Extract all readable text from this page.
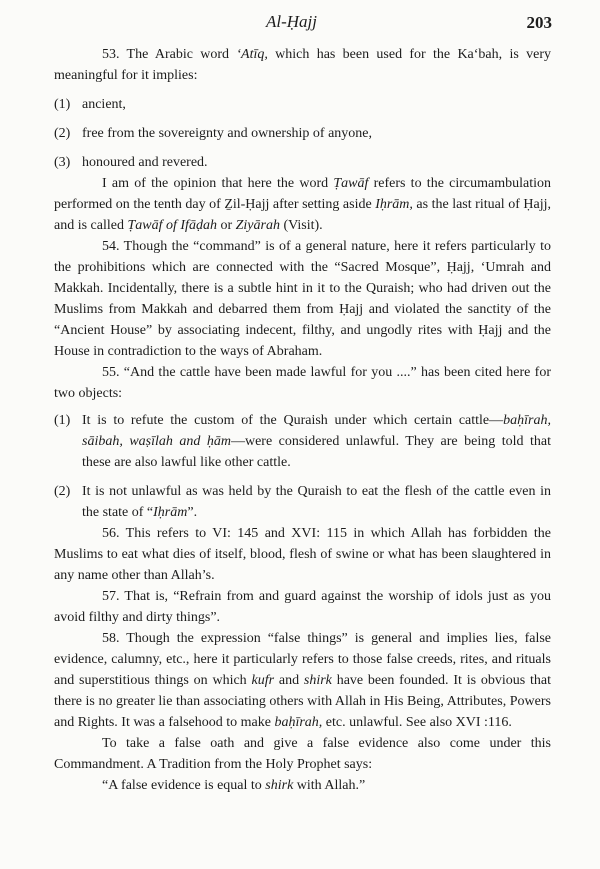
Al-Ḥajj	203

53. The Arabic word ‘Atīq, which has been used for the Ka‘bah, is very meaningful for it implies:

(1) ancient,
(2) free from the sovereignty and ownership of anyone,
(3) honoured and revered.

I am of the opinion that here the word Ṭawāf refers to the circumambulation performed on the tenth day of Ẕil-Ḥajj after setting aside Iḥrām, as the last ritual of Ḥajj, and is called Ṭawāf of Ifāḍah or Ziyārah (Visit).

54. Though the “command” is of a general nature, here it refers particularly to the prohibitions which are connected with the “Sacred Mosque”, Ḥajj, ‘Umrah and Makkah. Incidentally, there is a subtle hint in it to the Quraish; who had driven out the Muslims from Makkah and debarred them from Ḥajj and violated the sanctity of the “Ancient House” by associating indecent, filthy, and ungodly rites with Ḥajj and the House in contradiction to the ways of Abraham.

55. “And the cattle have been made lawful for you ....” has been cited here for two objects:

(1) It is to refute the custom of the Quraish under which certain cattle—baḥīrah, sāibah, waṣīlah and ḥām—were considered unlawful. They are being told that these are also lawful like other cattle.
(2) It is not unlawful as was held by the Quraish to eat the flesh of the cattle even in the state of “Iḥrām”.

56. This refers to VI: 145 and XVI: 115 in which Allah has forbidden the Muslims to eat what dies of itself, blood, flesh of swine or what has been slaughtered in any name other than Allah’s.

57. That is, “Refrain from and guard against the worship of idols just as you avoid filthy and dirty things”.

58. Though the expression “false things” is general and implies lies, false evidence, calumny, etc., here it particularly refers to those false creeds, rites, and rituals and superstitious things on which kufr and shirk have been founded. It is obvious that there is no greater lie than associating others with Allah in His Being, Attributes, Powers and Rights. It was a falsehood to make baḥīrah, etc. unlawful. See also XVI :116.

To take a false oath and give a false evidence also come under this Commandment. A Tradition from the Holy Prophet says:

“A false evidence is equal to shirk with Allah.”
